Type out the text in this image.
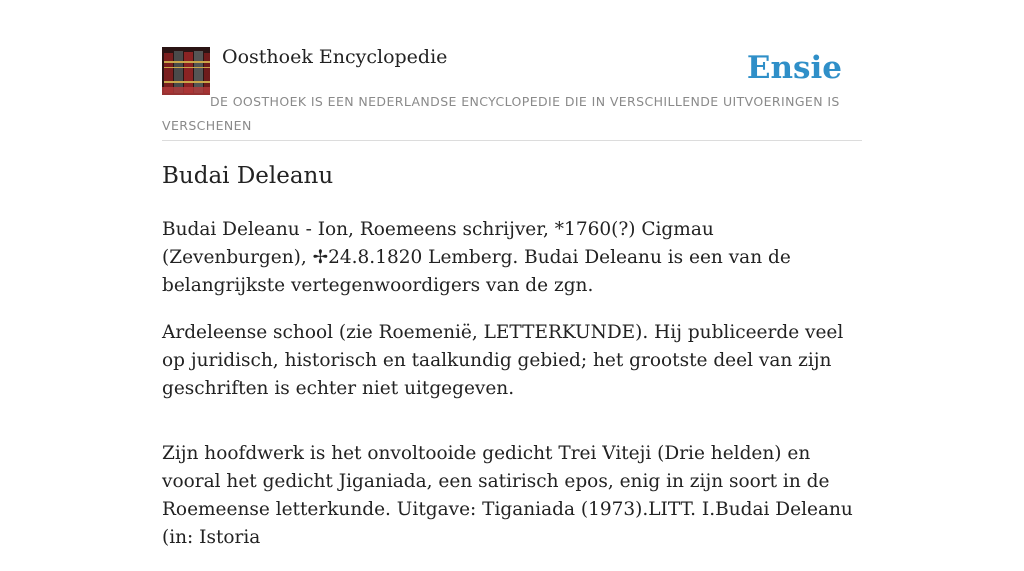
Oosthoek Encyclopedie	Ensie
DE OOSTHOEK IS EEN NEDERLANDSE ENCYCLOPEDIE DIE IN VERSCHILLENDE UITVOERINGEN IS VERSCHENEN
Budai Deleanu

Budai Deleanu - Ion, Roemeens schrijver, *1760(?) Cigmau (Zevenburgen), ✢24.8.1820 Lemberg. Budai Deleanu is een van de belangrijkste vertegenwoordigers van de zgn.

Ardeleense school (zie Roemenië, LETTERKUNDE). Hij publiceerde veel op juridisch, historisch en taalkundig gebied; het grootste deel van zijn geschriften is echter niet uitgegeven.

Zijn hoofdwerk is het onvoltooide gedicht Trei Viteji (Drie helden) en vooral het gedicht Jiganiada, een satirisch epos, enig in zijn soort in de Roemeense letterkunde. Uitgave: Tiganiada (1973).LITT. I.Budai Deleanu (in: Istoria
